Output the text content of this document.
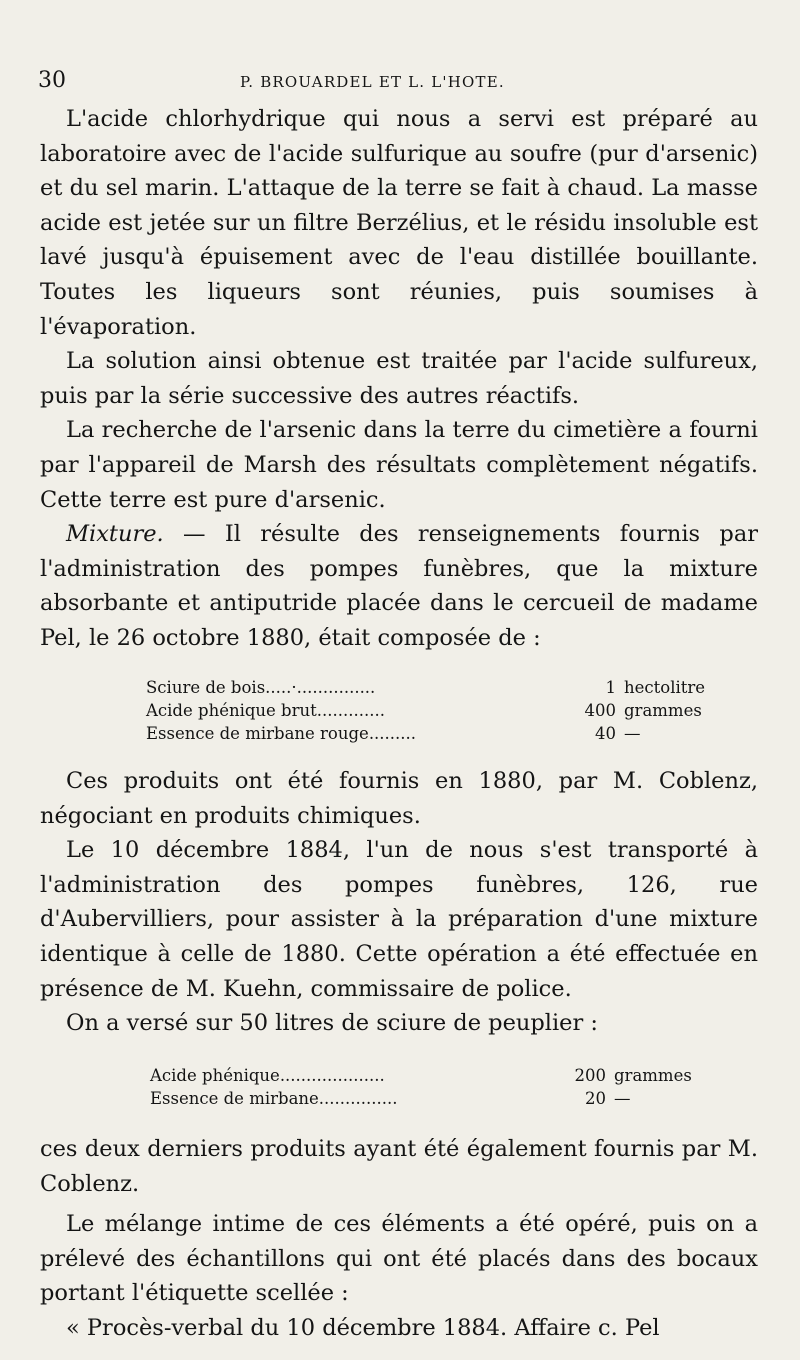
30	P. BROUARDEL ET L. L'HOTE.

L'acide chlorhydrique qui nous a servi est préparé au laboratoire avec de l'acide sulfurique au soufre (pur d'arsenic) et du sel marin. L'attaque de la terre se fait à chaud. La masse acide est jetée sur un filtre Berzélius, et le résidu insoluble est lavé jusqu'à épuisement avec de l'eau distillée bouillante. Toutes les liqueurs sont réunies, puis soumises à l'évaporation.

La solution ainsi obtenue est traitée par l'acide sulfureux, puis par la série successive des autres réactifs.

La recherche de l'arsenic dans la terre du cimetière a fourni par l'appareil de Marsh des résultats complètement négatifs. Cette terre est pure d'arsenic.

Mixture. — Il résulte des renseignements fournis par l'administration des pompes funèbres, que la mixture absorbante et antiputride placée dans le cercueil de madame Pel, le 26 octobre 1880, était composée de :

Sciure de bois.....·...............	1 hectolitre
Acide phénique brut.............	400 grammes
Essence de mirbane rouge.........	40 —

Ces produits ont été fournis en 1880, par M. Coblenz, négociant en produits chimiques.

Le 10 décembre 1884, l'un de nous s'est transporté à l'administration des pompes funèbres, 126, rue d'Aubervilliers, pour assister à la préparation d'une mixture identique à celle de 1880. Cette opération a été effectuée en présence de M. Kuehn, commissaire de police.

On a versé sur 50 litres de sciure de peuplier :

Acide phénique....................	200 grammes
Essence de mirbane...............	20 —

ces deux derniers produits ayant été également fournis par M. Coblenz.

Le mélange intime de ces éléments a été opéré, puis on a prélevé des échantillons qui ont été placés dans des bocaux portant l'étiquette scellée :

« Procès-verbal du 10 décembre 1884. Affaire c. Pel
